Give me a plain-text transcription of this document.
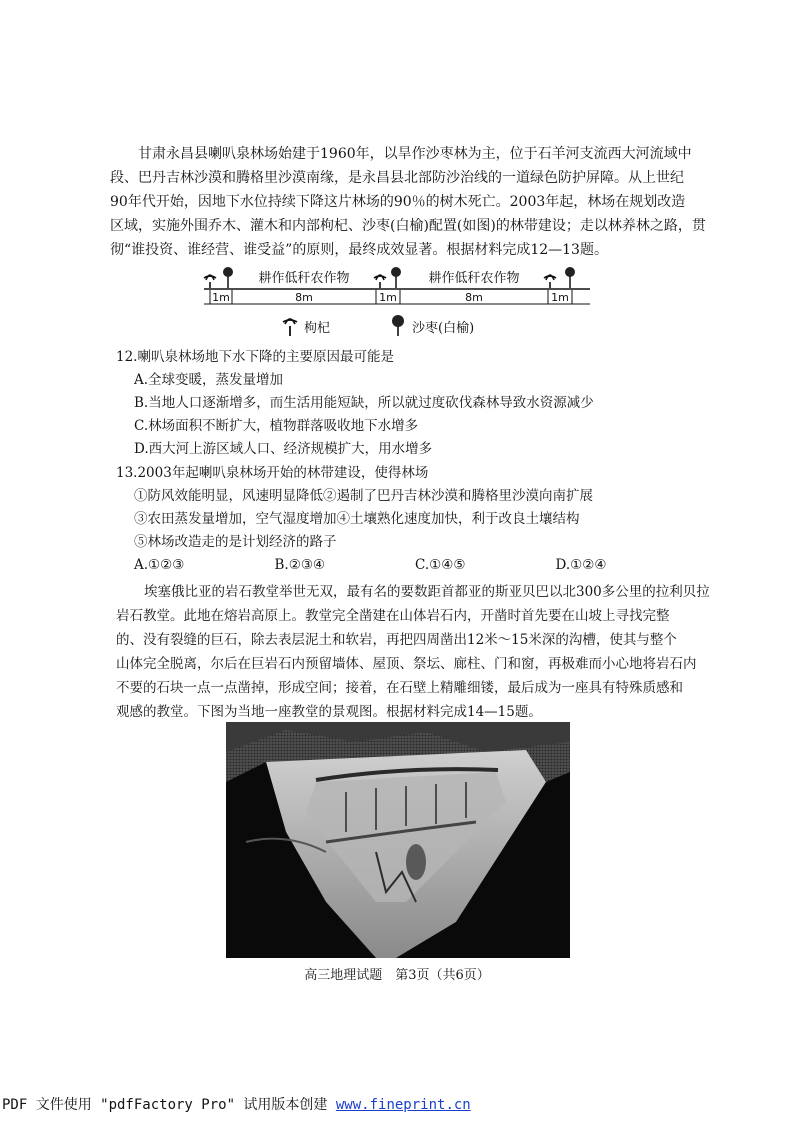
甘肃永昌县喇叭泉林场始建于1960年，以旱作沙枣林为主，位于石羊河支流西大河流域中

段、巴丹吉林沙漠和腾格里沙漠南缘，是永昌县北部防沙治线的一道绿色防护屏障。从上世纪

90年代开始，因地下水位持续下降这片林场的90％的树木死亡。2003年起，林场在规划改造

区域，实施外围乔木、灌木和内部枸杞、沙枣(白榆)配置(如图)的林带建设；走以林养林之路，贯

彻“谁投资、谁经营、谁受益”的原则，最终成效显著。根据材料完成12—13题。

耕作低秆农作物	耕作低秆农作物
1m	8m	1m	8m	1m
枸杞	沙枣(白榆)

12.喇叭泉林场地下水下降的主要原因最可能是

A.全球变暖，蒸发量增加

B.当地人口逐渐增多，而生活用能短缺，所以就过度砍伐森林导致水资源减少

C.林场面积不断扩大，植物群落吸收地下水增多

D.西大河上游区域人口、经济规模扩大，用水增多

13.2003年起喇叭泉林场开始的林带建设，使得林场

①防风效能明显，风速明显降低②遏制了巴丹吉林沙漠和腾格里沙漠向南扩展

③农田蒸发量增加，空气湿度增加④土壤熟化速度加快，利于改良土壤结构

⑤林场改造走的是计划经济的路子

A.①②③	B.②③④	C.①④⑤	D.①②④

埃塞俄比亚的岩石教堂举世无双，最有名的要数距首都亚的斯亚贝巴以北300多公里的拉利贝拉

岩石教堂。此地在熔岩高原上。教堂完全凿建在山体岩石内，开凿时首先要在山坡上寻找完整

的、没有裂缝的巨石，除去表层泥土和软岩，再把四周凿出12米～15米深的沟槽，使其与整个

山体完全脱离，尔后在巨岩石内预留墙体、屋顶、祭坛、廊柱、门和窗，再极难而小心地将岩石内

不要的石块一点一点凿掉，形成空间；接着，在石壁上精雕细镂，最后成为一座具有特殊质感和

观感的教堂。下图为当地一座教堂的景观图。根据材料完成14—15题。

高三地理试题　第3页（共6页）
PDF 文件使用 "pdfFactory Pro" 试用版本创建 www.fineprint.cn
